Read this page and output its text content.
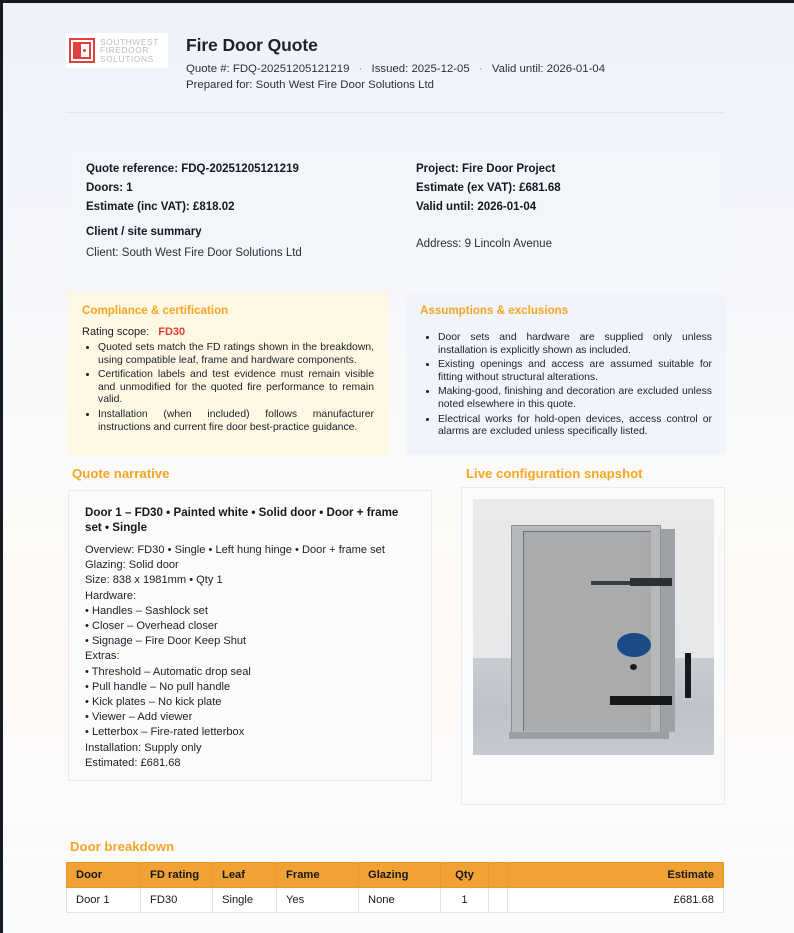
SOUTHWEST
FIREDOOR
SOLUTIONS
Fire Door Quote
Quote #: FDQ-20251205121219 · Issued: 2025-12-05 · Valid until: 2026-01-04
Prepared for: South West Fire Door Solutions Ltd
Quote reference: FDQ-20251205121219
Doors: 1
Estimate (inc VAT): £818.02
Client / site summary
Client: South West Fire Door Solutions Ltd
Project: Fire Door Project
Estimate (ex VAT): £681.68
Valid until: 2026-01-04
Address: 9 Lincoln Avenue
Compliance & certification
Rating scope: FD30
• Quoted sets match the FD ratings shown in the breakdown, using compatible leaf, frame and hardware components.
• Certification labels and test evidence must remain visible and unmodified for the quoted fire performance to remain valid.
• Installation (when included) follows manufacturer instructions and current fire door best-practice guidance.
Assumptions & exclusions
• Door sets and hardware are supplied only unless installation is explicitly shown as included.
• Existing openings and access are assumed suitable for fitting without structural alterations.
• Making-good, finishing and decoration are excluded unless noted elsewhere in this quote.
• Electrical works for hold-open devices, access control or alarms are excluded unless specifically listed.
Quote narrative
Door 1 – FD30 • Painted white • Solid door • Door + frame set • Single
Overview: FD30 • Single • Left hung hinge • Door + frame set
Glazing: Solid door
Size: 838 x 1981mm • Qty 1
Hardware:
• Handles – Sashlock set
• Closer – Overhead closer
• Signage – Fire Door Keep Shut
Extras:
• Threshold – Automatic drop seal
• Pull handle – No pull handle
• Kick plates – No kick plate
• Viewer – Add viewer
• Letterbox – Fire-rated letterbox
Installation: Supply only
Estimated: £681.68
Live configuration snapshot
Door breakdown
Door	FD rating	Leaf	Frame	Glazing	Qty		Estimate
Door 1	FD30	Single	Yes	None	1		£681.68
